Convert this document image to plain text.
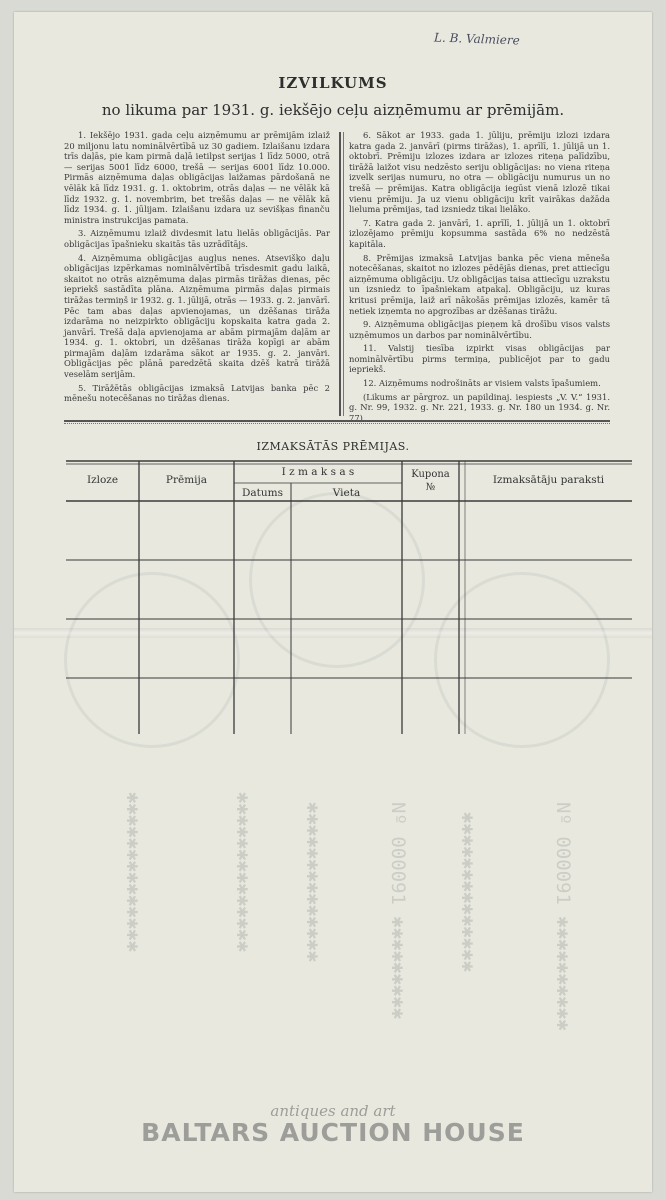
Nº 000091 ✱✱✱✱✱✱✱✱✱✱
✱✱✱✱✱✱✱✱✱✱✱✱✱✱
Nº 000091 ✱✱✱✱✱✱✱✱✱
✱✱✱✱✱✱✱✱✱✱✱✱✱✱
✱✱✱✱✱✱✱✱✱✱✱✱✱✱
✱✱✱✱✱✱✱✱✱✱✱✱✱✱
L. B. Valmiere
IZVILKUMS
no likuma par 1931. g. iekšējo ceļu aizņēmumu ar prēmijām.

1. Iekšējo 1931. gada ceļu aizņēmumu ar prēmijām izlaiž 20 miljonu latu nominālvērtībā uz 30 gadiem. Izlaišanu izdara trīs daļās, pie kam pirmā daļā ietilpst serijas 1 līdz 5000, otrā — serijas 5001 līdz 6000, trešā — serijas 6001 līdz 10.000. Pirmās aizņēmuma daļas obligācijas laižamas pārdošanā ne vēlāk kā līdz 1931. g. 1. oktobrim, otrās daļas — ne vēlāk kā līdz 1932. g. 1. novembrim, bet trešās daļas — ne vēlāk kā līdz 1934. g. 1. jūlijam. Izlaišanu izdara uz sevišķas finanču ministra instrukcijas pamata.

3. Aizņēmumu izlaiž divdesmit latu lielās obligācijās. Par obligācijas īpašnieku skaitās tās uzrādītājs.

4. Aizņēmuma obligācijas augļus nenes. Atsevišķo daļu obligācijas izpērkamas nominālvērtībā trīsdesmit gadu laikā, skaitot no otrās aizņēmuma daļas pirmās tirāžas dienas, pēc iepriekš sastādīta plāna. Aizņēmuma pirmās daļas pirmais tirāžas termiņš ir 1932. g. 1. jūlijā, otrās — 1933. g. 2. janvārī. Pēc tam abas daļas apvienojamas, un dzēšanas tirāža izdarāma no neizpirkto obligāciju kopskaita katra gada 2. janvārī. Trešā daļa apvienojama ar abām pirmajām daļām ar 1934. g. 1. oktobri, un dzēšanas tirāža kopīgi ar abām pirmajām daļām izdarāma sākot ar 1935. g. 2. janvāri. Obligācijas pēc plānā paredzētā skaita dzēš katrā tirāžā veselām serijām.

5. Tirāžētās obligācijas izmaksā Latvijas banka pēc 2 mēnešu notecēšanas no tirāžas dienas.

6. Sākot ar 1933. gada 1. jūliju, prēmiju izlozi izdara katra gada 2. janvārī (pirms tirāžas), 1. aprīlī, 1. jūlijā un 1. oktobrī. Prēmiju izlozes izdara ar izlozes riteņa palīdzību, tirāžā laižot visu nedzēsto seriju obligācijas: no viena riteņa izvelk serijas numuru, no otra — obligāciju numurus un no trešā — prēmijas. Katra obligācija iegūst vienā izlozē tikai vienu prēmiju. Ja uz vienu obligāciju krīt vairākas dažāda lieluma prēmijas, tad izsniedz tikai lielāko.

7. Katra gada 2. janvārī, 1. aprīlī, 1. jūlijā un 1. oktobrī izlozējamo prēmiju kopsumma sastāda 6% no nedzēstā kapitāla.

8. Prēmijas izmaksā Latvijas banka pēc viena mēneša notecēšanas, skaitot no izlozes pēdējās dienas, pret attiecīgu aizņēmuma obligāciju. Uz obligācijas taisa attiecīgu uzrakstu un izsniedz to īpašniekam atpakaļ. Obligāciju, uz kuras kritusi prēmija, laiž arī nākošās prēmijas izlozēs, kamēr tā netiek izņemta no apgrozības ar dzēšanas tirāžu.

9. Aizņēmuma obligācijas pieņem kā drošību visos valsts uzņēmumos un darbos par nominālvērtību.

11. Valstij tiesība izpirkt visas obligācijas par nominālvērtību pirms termiņa, publicējot par to gadu iepriekš.

12. Aizņēmums nodrošināts ar visiem valsts īpašumiem.

(Likums ar pārgroz. un papildinaj. iespiests „V. V.“ 1931. g. Nr. 99, 1932. g. Nr. 221, 1933. g. Nr. 180 un 1934. g. Nr. 77).

IZMAKSĀTĀS PRĒMIJAS.
Izloze	Prēmija
I z m a k s a s
Datums	Vieta
Kupona
№
Izmaksātāju paraksti
antiques and art
BALTARS AUCTION HOUSE
